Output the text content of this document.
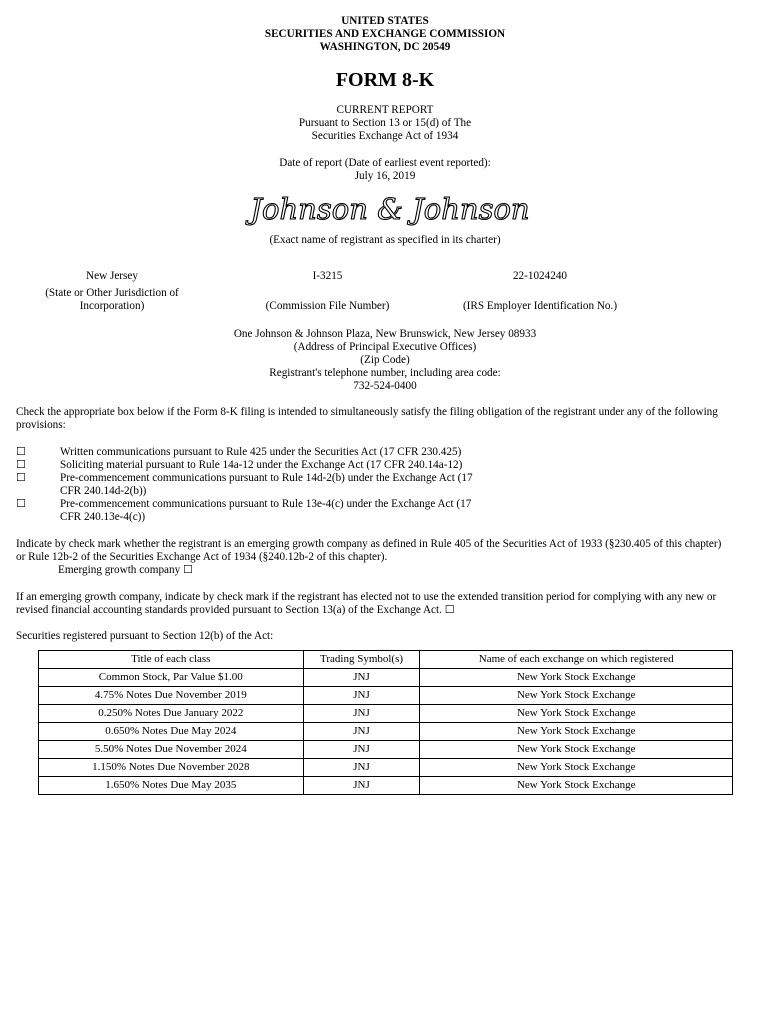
UNITED STATES
SECURITIES AND EXCHANGE COMMISSION
WASHINGTON, DC 20549
FORM 8-K
CURRENT REPORT
Pursuant to Section 13 or 15(d) of The
Securities Exchange Act of 1934
Date of report (Date of earliest event reported):
July 16, 2019
Johnson & Johnson
(Exact name of registrant as specified in its charter)
New Jersey
(State or Other Jurisdiction of
Incorporation)
I-3215
(Commission File Number)
22-1024240
(IRS Employer Identification No.)
One Johnson & Johnson Plaza, New Brunswick, New Jersey 08933
(Address of Principal Executive Offices)
(Zip Code)
Registrant's telephone number, including area code:
732-524-0400
Check the appropriate box below if the Form 8-K filing is intended to simultaneously satisfy the filing obligation of the registrant under any of the following provisions:
☐	Written communications pursuant to Rule 425 under the Securities Act (17 CFR 230.425)
☐	Soliciting material pursuant to Rule 14a-12 under the Exchange Act (17 CFR 240.14a-12)
☐	Pre-commencement communications pursuant to Rule 14d-2(b) under the Exchange Act (17
CFR 240.14d-2(b))
☐	Pre-commencement communications pursuant to Rule 13e-4(c) under the Exchange Act (17
CFR 240.13e-4(c))
Indicate by check mark whether the registrant is an emerging growth company as defined in Rule 405 of the Securities Act of 1933 (§230.405 of this chapter)
or Rule 12b-2 of the Securities Exchange Act of 1934 (§240.12b-2 of this chapter).
Emerging growth company ☐
If an emerging growth company, indicate by check mark if the registrant has elected not to use the extended transition period for complying with any new or
revised financial accounting standards provided pursuant to Section 13(a) of the Exchange Act. ☐
Securities registered pursuant to Section 12(b) of the Act:
Title of each class	Trading Symbol(s)	Name of each exchange on which registered
Common Stock, Par Value $1.00	JNJ	New York Stock Exchange
4.75% Notes Due November 2019	JNJ	New York Stock Exchange
0.250% Notes Due January 2022	JNJ	New York Stock Exchange
0.650% Notes Due May 2024	JNJ	New York Stock Exchange
5.50% Notes Due November 2024	JNJ	New York Stock Exchange
1.150% Notes Due November 2028	JNJ	New York Stock Exchange
1.650% Notes Due May 2035	JNJ	New York Stock Exchange
